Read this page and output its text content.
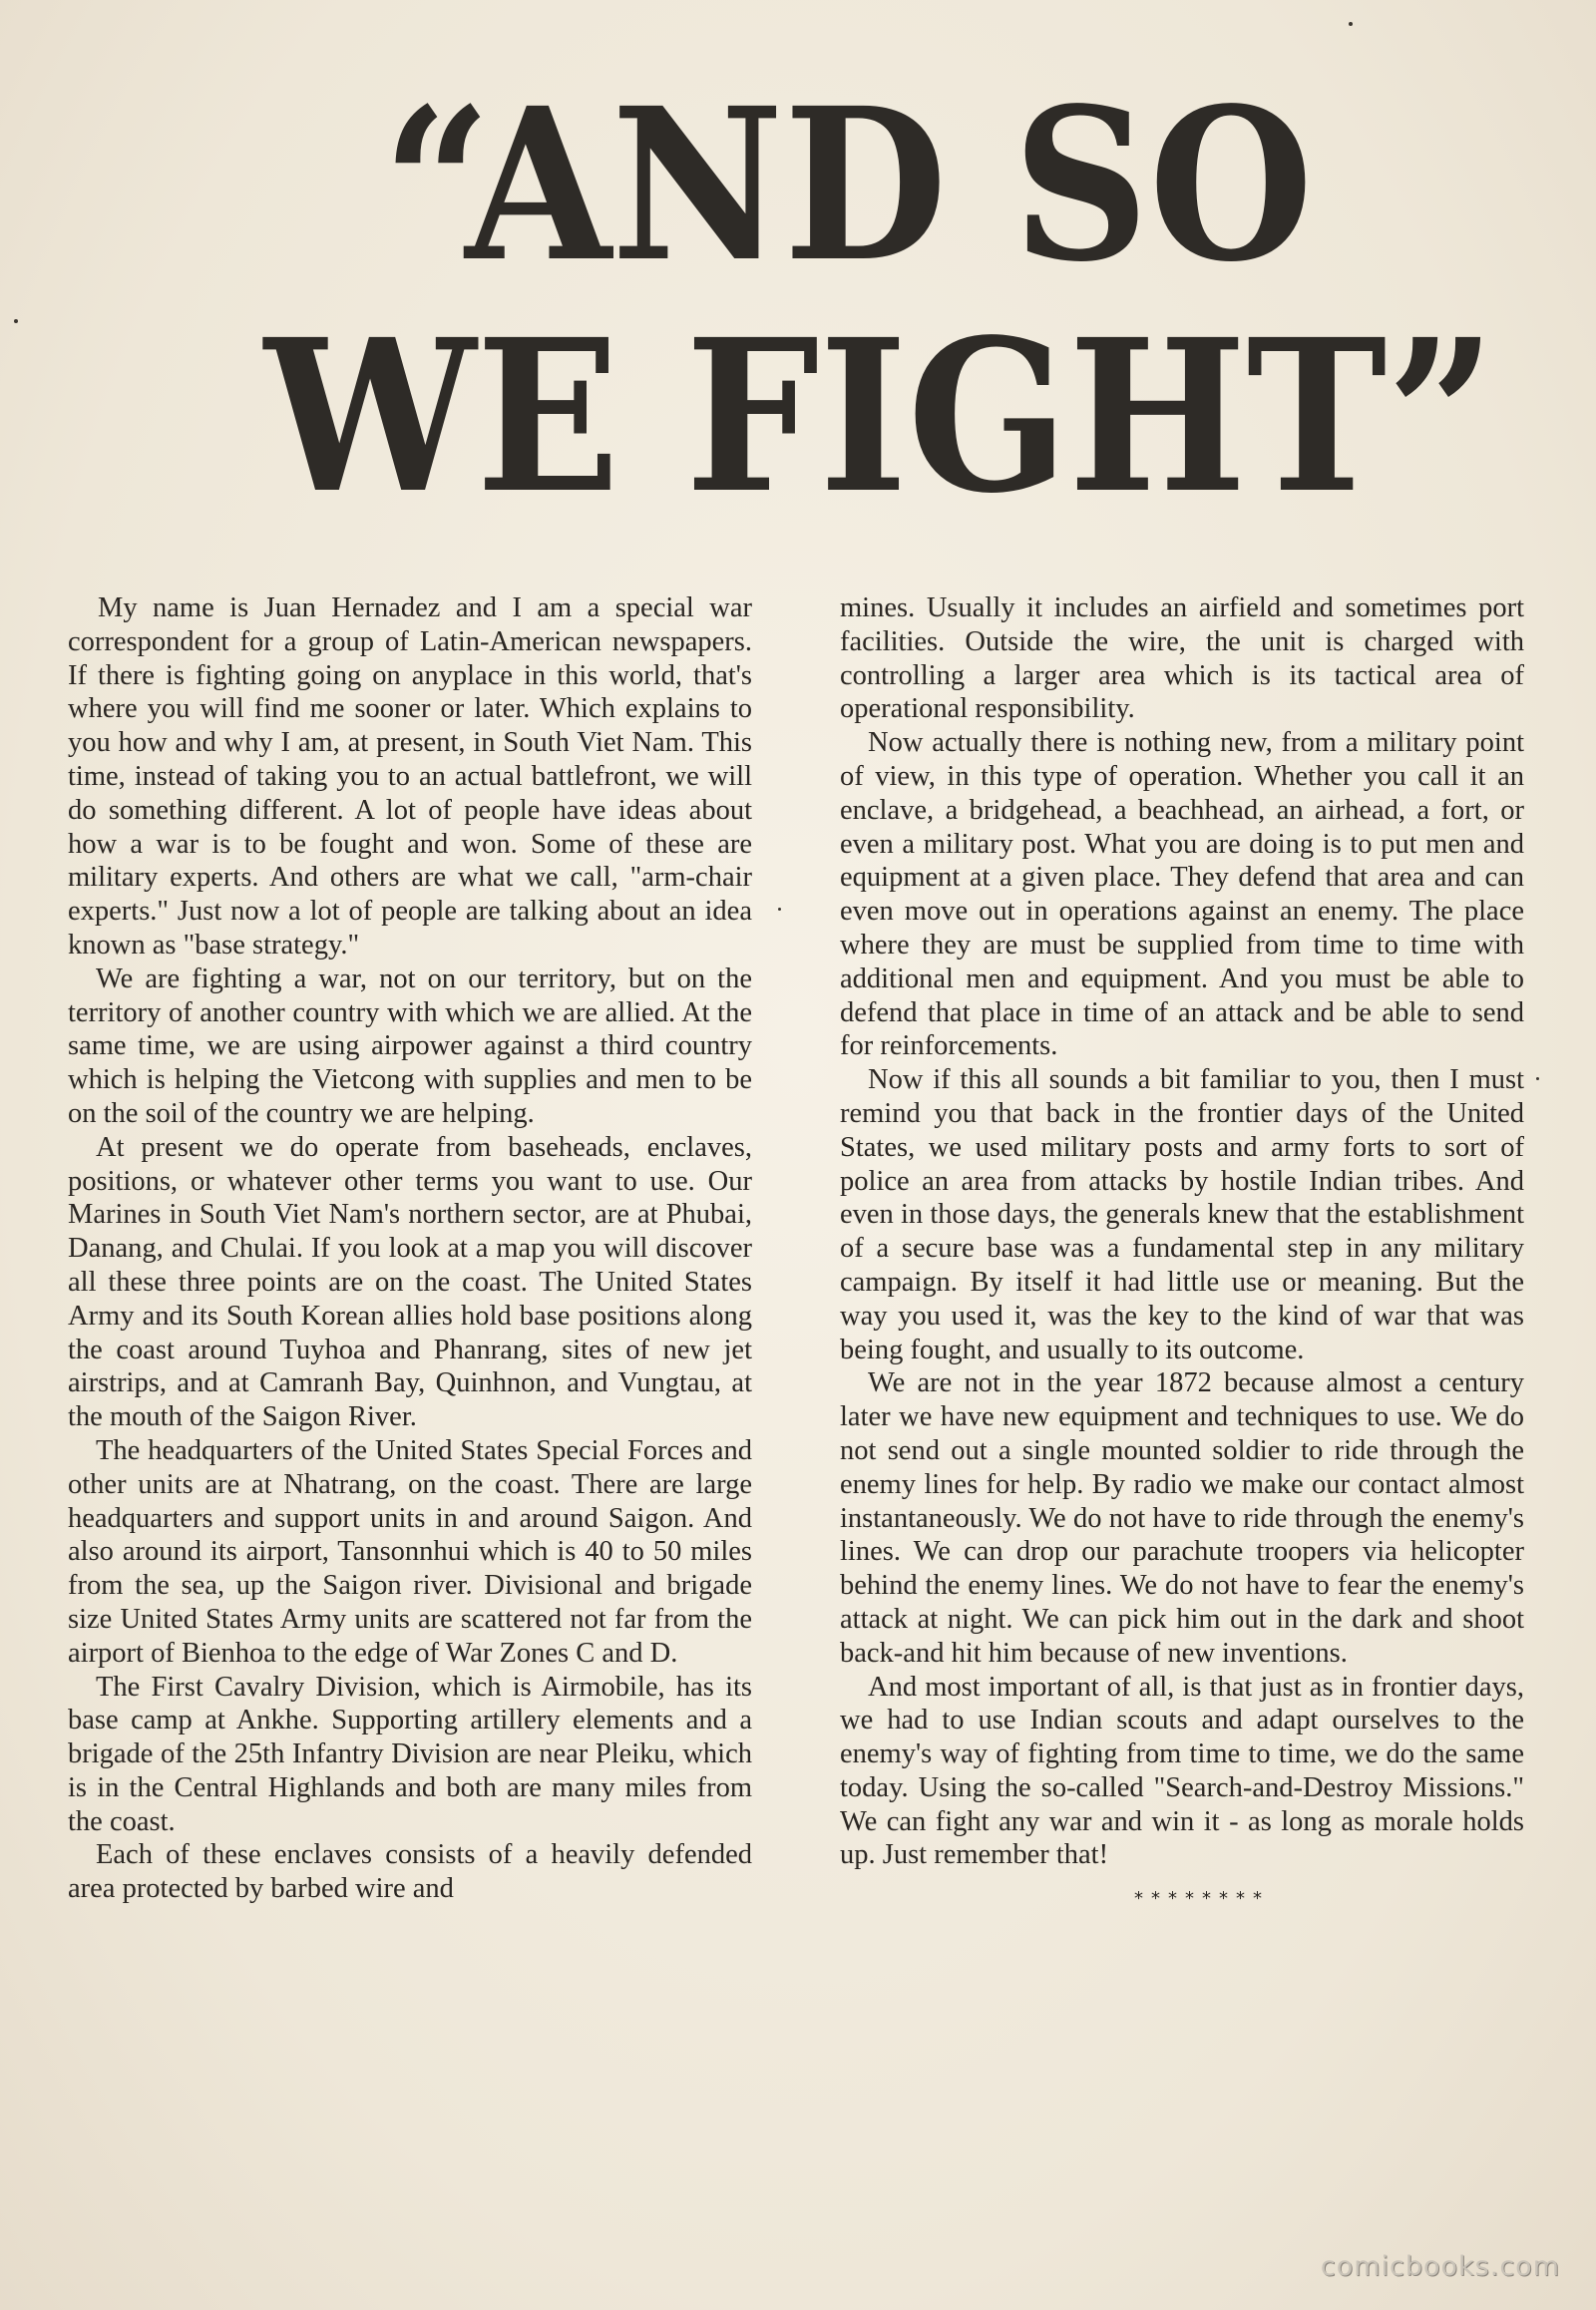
“AND SO
WE FIGHT”

My name is Juan Hernadez and I am a special war correspondent for a group of Latin-American newspapers. If there is fighting going on anyplace in this world, that's where you will find me sooner or later. Which explains to you how and why I am, at present, in South Viet Nam. This time, instead of taking you to an actual battlefront, we will do something different. A lot of people have ideas about how a war is to be fought and won. Some of these are military experts. And others are what we call, "arm-chair experts." Just now a lot of people are talking about an idea known as "base strategy."

We are fighting a war, not on our territory, but on the territory of another country with which we are allied. At the same time, we are using airpower against a third country which is helping the Vietcong with supplies and men to be on the soil of the country we are helping.

At present we do operate from baseheads, enclaves, positions, or whatever other terms you want to use. Our Marines in South Viet Nam's northern sector, are at Phubai, Danang, and Chulai. If you look at a map you will discover all these three points are on the coast. The United States Army and its South Korean allies hold base positions along the coast around Tuyhoa and Phanrang, sites of new jet airstrips, and at Camranh Bay, Quinhnon, and Vungtau, at the mouth of the Saigon River.

The headquarters of the United States Special Forces and other units are at Nhatrang, on the coast. There are large headquarters and support units in and around Saigon. And also around its airport, Tansonnhui which is 40 to 50 miles from the sea, up the Saigon river. Divisional and brigade size United States Army units are scattered not far from the airport of Bienhoa to the edge of War Zones C and D.

The First Cavalry Division, which is Airmobile, has its base camp at Ankhe. Supporting artillery elements and a brigade of the 25th Infantry Division are near Pleiku, which is in the Central Highlands and both are many miles from the coast.

Each of these enclaves consists of a heavily defended area protected by barbed wire and

mines. Usually it includes an airfield and sometimes port facilities. Outside the wire, the unit is charged with controlling a larger area which is its tactical area of operational responsibility.

Now actually there is nothing new, from a military point of view, in this type of operation. Whether you call it an enclave, a bridgehead, a beachhead, an airhead, a fort, or even a military post. What you are doing is to put men and equipment at a given place. They defend that area and can even move out in operations against an enemy. The place where they are must be supplied from time to time with additional men and equipment. And you must be able to defend that place in time of an attack and be able to send for reinforcements.

Now if this all sounds a bit familiar to you, then I must remind you that back in the frontier days of the United States, we used military posts and army forts to sort of police an area from attacks by hostile Indian tribes. And even in those days, the generals knew that the establishment of a secure base was a fundamental step in any military campaign. By itself it had little use or meaning. But the way you used it, was the key to the kind of war that was being fought, and usually to its outcome.

We are not in the year 1872 because almost a century later we have new equipment and techniques to use. We do not send out a single mounted soldier to ride through the enemy lines for help. By radio we make our contact almost instantaneously. We do not have to ride through the enemy's lines. We can drop our parachute troopers via helicopter behind the enemy lines. We do not have to fear the enemy's attack at night. We can pick him out in the dark and shoot back-and hit him because of new inventions.

And most important of all, is that just as in frontier days, we had to use Indian scouts and adapt ourselves to the enemy's way of fighting from time to time, we do the same today. Using the so-called "Search-and-Destroy Missions." We can fight any war and win it - as long as morale holds up. Just remember that!

********
comicbooks.com
